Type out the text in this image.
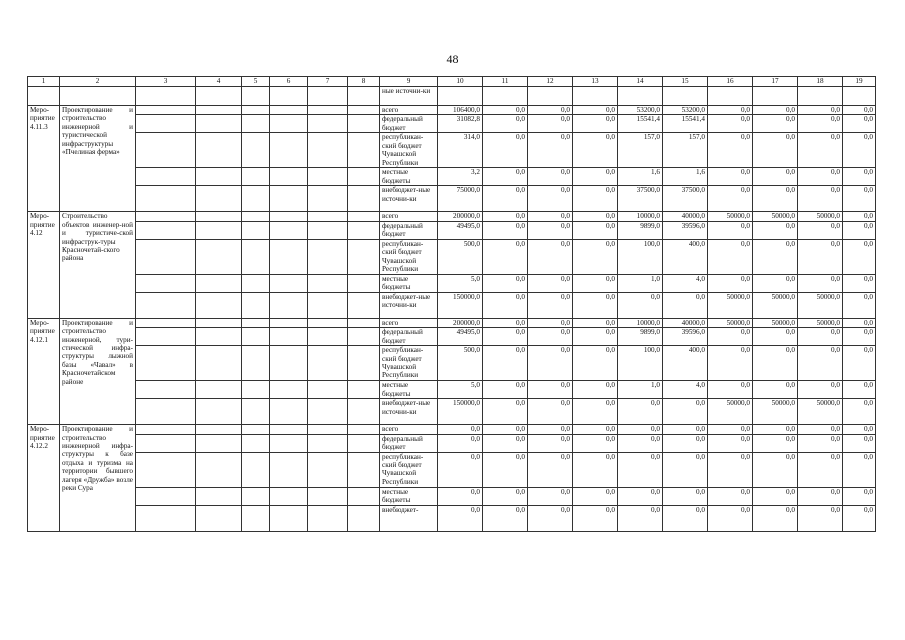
48
1	2	3	4	5	6	7	8	9	10	11	12	13	14	15	16	17	18	19
								ные источни-ки										
Меро-приятие 4.11.3	Проектирование и строительство инженерной и туристической инфраструктуры «Пчелиная ферма»							всего	106400,0	0,0	0,0	0,0	53200,0	53200,0	0,0	0,0	0,0	0,0
								федеральный бюджет	31082,8	0,0	0,0	0,0	15541,4	15541,4	0,0	0,0	0,0	0,0
								республикан-ский бюджет Чувашской Республики	314,0	0,0	0,0	0,0	157,0	157,0	0,0	0,0	0,0	0,0
								местные бюджеты	3,2	0,0	0,0	0,0	1,6	1,6	0,0	0,0	0,0	0,0
								внебюджет-ные источни-ки	75000,0	0,0	0,0	0,0	37500,0	37500,0	0,0	0,0	0,0	0,0
Меро-приятие 4.12	Строительство объектов инженер-ной и туристиче-ской инфраструк-туры Красночетай-ского района							всего	200000,0	0,0	0,0	0,0	10000,0	40000,0	50000,0	50000,0	50000,0	0,0
								федеральный бюджет	49495,0	0,0	0,0	0,0	9899,0	39596,0	0,0	0,0	0,0	0,0
								республикан-ский бюджет Чувашской Республики	500,0	0,0	0,0	0,0	100,0	400,0	0,0	0,0	0,0	0,0
								местные бюджеты	5,0	0,0	0,0	0,0	1,0	4,0	0,0	0,0	0,0	0,0
								внебюджет-ные источни-ки	150000,0	0,0	0,0	0,0	0,0	0,0	50000,0	50000,0	50000,0	0,0
Меро-приятие 4.12.1	Проектирование и строительство инженерной, тури-стической инфра-структуры лыжной базы «Чавал» в Красночетайском районе							всего	200000,0	0,0	0,0	0,0	10000,0	40000,0	50000,0	50000,0	50000,0	0,0
								федеральный бюджет	49495,0	0,0	0,0	0,0	9899,0	39596,0	0,0	0,0	0,0	0,0
								республикан-ский бюджет Чувашской Республики	500,0	0,0	0,0	0,0	100,0	400,0	0,0	0,0	0,0	0,0
								местные бюджеты	5,0	0,0	0,0	0,0	1,0	4,0	0,0	0,0	0,0	0,0
								внебюджет-ные источни-ки	150000,0	0,0	0,0	0,0	0,0	0,0	50000,0	50000,0	50000,0	0,0
Меро-приятие 4.12.2	Проектирование и строительство инженерной инфра-структуры к базе отдыха и туризма на территории бывшего лагеря «Дружба» возле реки Сура							всего	0,0	0,0	0,0	0,0	0,0	0,0	0,0	0,0	0,0	0,0
								федеральный бюджет	0,0	0,0	0,0	0,0	0,0	0,0	0,0	0,0	0,0	0,0
								республикан-ский бюджет Чувашской Республики	0,0	0,0	0,0	0,0	0,0	0,0	0,0	0,0	0,0	0,0
								местные бюджеты	0,0	0,0	0,0	0,0	0,0	0,0	0,0	0,0	0,0	0,0
								внебюджет-	0,0	0,0	0,0	0,0	0,0	0,0	0,0	0,0	0,0	0,0
